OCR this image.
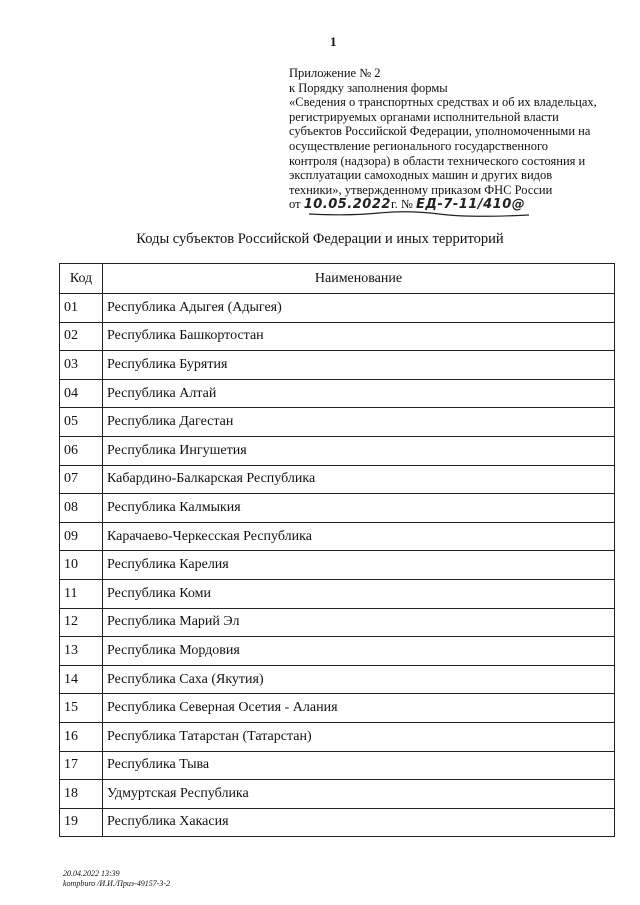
1
Приложение № 2
к Порядку заполнения формы
«Сведения о транспортных средствах и об их владельцах,
регистрируемых органами исполнительной власти
субъектов Российской Федерации, уполномоченными на
осуществление регионального государственного
контроля (надзора) в области технического состояния и
эксплуатации самоходных машин и других видов
техники», утвержденному приказом ФНС России
от 10.05.2022г. № ЕД-7-11/410@
Коды субъектов Российской Федерации и иных территорий
Код	Наименование
01	Республика Адыгея (Адыгея)
02	Республика Башкортостан
03	Республика Бурятия
04	Республика Алтай
05	Республика Дагестан
06	Республика Ингушетия
07	Кабардино-Балкарская Республика
08	Республика Калмыкия
09	Карачаево-Черкесская Республика
10	Республика Карелия
11	Республика Коми
12	Республика Марий Эл
13	Республика Мордовия
14	Республика Саха (Якутия)
15	Республика Северная Осетия - Алания
16	Республика Татарстан (Татарстан)
17	Республика Тыва
18	Удмуртская Республика
19	Республика Хакасия
20.04.2022 13:39
kompburo /И.И./Приз-49157-3-2
